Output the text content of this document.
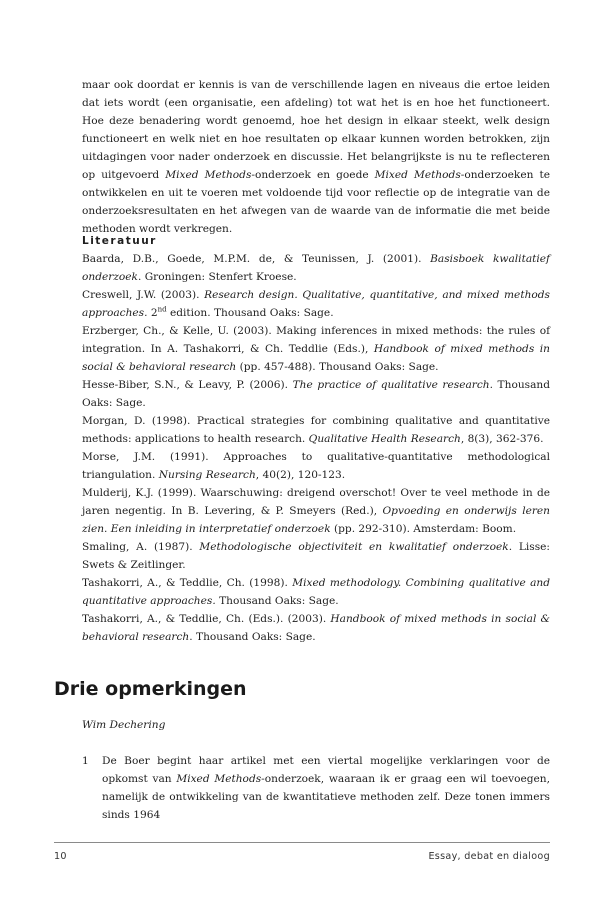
maar ook doordat er kennis is van de verschillende lagen en niveaus die ertoe leiden dat iets wordt (een organisatie, een afdeling) tot wat het is en hoe het functioneert. Hoe deze benadering wordt genoemd, hoe het design in elkaar steekt, welk design functioneert en welk niet en hoe resultaten op elkaar kunnen worden betrokken, zijn uitdagingen voor nader onderzoek en discussie. Het belangrijkste is nu te reflecteren op uitgevoerd Mixed Methods-onderzoek en goede Mixed Methods-onderzoeken te ontwikkelen en uit te voeren met voldoende tijd voor reflectie op de integratie van de onderzoeksresultaten en het afwegen van de waarde van de informatie die met beide methoden wordt verkregen.

Literatuur

Baarda, D.B., Goede, M.P.M. de, & Teunissen, J. (2001). Basisboek kwalitatief onderzoek. Groningen: Stenfert Kroese.

Creswell, J.W. (2003). Research design. Qualitative, quantitative, and mixed methods approaches. 2nd edition. Thousand Oaks: Sage.

Erzberger, Ch., & Kelle, U. (2003). Making inferences in mixed methods: the rules of integration. In A. Tashakorri, & Ch. Teddlie (Eds.), Handbook of mixed methods in social & behavioral research (pp. 457-488). Thousand Oaks: Sage.

Hesse-Biber, S.N., & Leavy, P. (2006). The practice of qualitative research. Thousand Oaks: Sage.

Morgan, D. (1998). Practical strategies for combining qualitative and quantitative methods: applications to health research. Qualitative Health Research, 8(3), 362-376.

Morse, J.M. (1991). Approaches to qualitative-quantitative methodological triangulation. Nursing Research, 40(2), 120-123.

Mulderij, K.J. (1999). Waarschuwing: dreigend overschot! Over te veel methode in de jaren negentig. In B. Levering, & P. Smeyers (Red.), Opvoeding en onderwijs leren zien. Een inleiding in interpretatief onderzoek (pp. 292-310). Amsterdam: Boom.

Smaling, A. (1987). Methodologische objectiviteit en kwalitatief onderzoek. Lisse: Swets & Zeitlinger.

Tashakorri, A., & Teddlie, Ch. (1998). Mixed methodology. Combining qualitative and quantitative approaches. Thousand Oaks: Sage.

Tashakorri, A., & Teddlie, Ch. (Eds.). (2003). Handbook of mixed methods in social & behavioral research. Thousand Oaks: Sage.

Drie opmerkingen
Wim Dechering
1 De Boer begint haar artikel met een viertal mogelijke verklaringen voor de opkomst van Mixed Methods-onderzoek, waaraan ik er graag een wil toevoegen, namelijk de ontwikkeling van de kwantitatieve methoden zelf. Deze tonen immers sinds 1964

10	Essay, debat en dialoog
